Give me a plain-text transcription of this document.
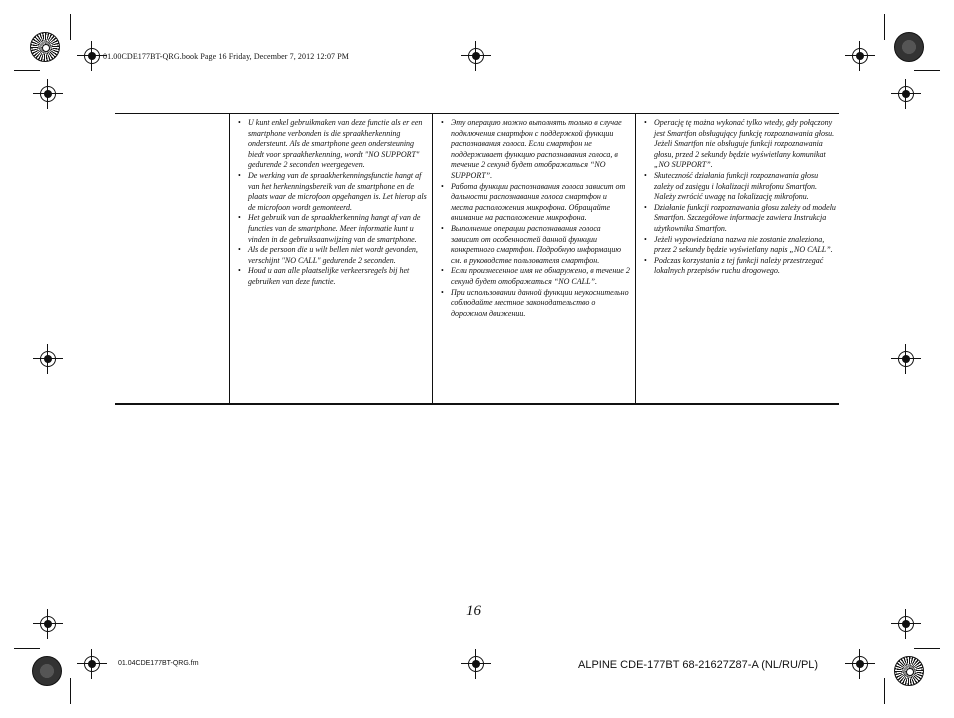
01.00CDE177BT-QRG.book Page 16 Friday, December 7, 2012 12:07 PM
• U kunt enkel gebruikmaken van deze functie als er een smartphone verbonden is die spraakherkenning ondersteunt. Als de smartphone geen ondersteuning biedt voor spraakherkenning, wordt "NO SUPPORT" gedurende 2 seconden weergegeven.
• De werking van de spraakherkenningsfunctie hangt af van het herkenningsbereik van de smartphone en de plaats waar de microfoon opgehangen is. Let hierop als de microfoon wordt gemonteerd.
• Het gebruik van de spraakherkenning hangt af van de functies van de smartphone. Meer informatie kunt u vinden in de gebruiksaanwijzing van de smartphone.
• Als de persoon die u wilt bellen niet wordt gevonden, verschijnt "NO CALL" gedurende 2 seconden.
• Houd u aan alle plaatselijke verkeersregels bij het gebruiken van deze functie.
• Эту операцию можно выполнять только в случае подключения смартфон с поддержкой функции распознавания голоса. Если смартфон не поддерживает функцию распознавания голоса, в течение 2 секунд будет отображаться “NO SUPPORT”.
• Работа функции распознавания голоса зависит от дальности распознавания голоса смартфон и места расположения микрофона. Обращайте внимание на расположение микрофона.
• Выполнение операции распознавания голоса зависит от особенностей данной функции конкретного смартфон. Подробную информацию см. в руководстве пользователя смартфон.
• Если произнесенное имя не обнаружено, в течение 2 секунд будет отображаться “NO CALL”.
• При использовании данной функции неукоснительно соблюдайте местное законодательство о дорожном движении.
• Operację tę można wykonać tylko wtedy, gdy połączony jest Smartfon obsługujący funkcję rozpoznawania głosu. Jeżeli Smartfon nie obsługuje funkcji rozpoznawania głosu, przed 2 sekundy będzie wyświetlany komunikat „NO SUPPORT”.
• Skuteczność działania funkcji rozpoznawania głosu zależy od zasięgu i lokalizacji mikrofonu Smartfon. Należy zwrócić uwagę na lokalizację mikrofonu.
• Działanie funkcji rozpoznawania głosu zależy od modelu Smartfon. Szczegółowe informacje zawiera Instrukcja użytkownika Smartfon.
• Jeżeli wypowiedziana nazwa nie zostanie znaleziona, przez 2 sekundy będzie wyświetlany napis „NO CALL”.
• Podczas korzystania z tej funkcji należy przestrzegać lokalnych przepisów ruchu drogowego.
16
01.04CDE177BT-QRG.fm	ALPINE CDE-177BT 68-21627Z87-A (NL/RU/PL)
